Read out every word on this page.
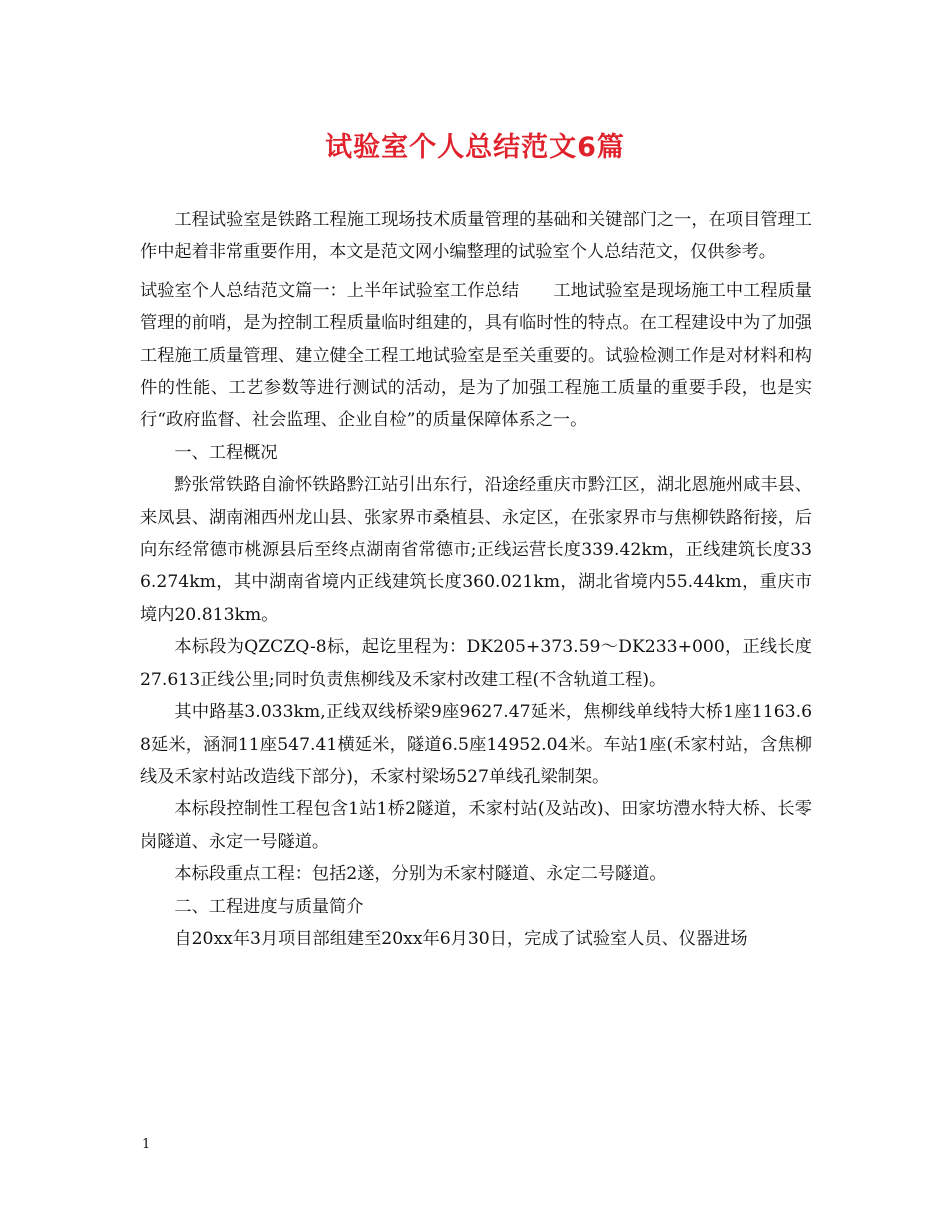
试验室个人总结范文6篇

工程试验室是铁路工程施工现场技术质量管理的基础和关键部门之一，在项目管理工作中起着非常重要作用，本文是范文网小编整理的试验室个人总结范文，仅供参考。

试验室个人总结范文篇一：上半年试验室工作总结　　工地试验室是现场施工中工程质量管理的前哨，是为控制工程质量临时组建的，具有临时性的特点。在工程建设中为了加强工程施工质量管理、建立健全工程工地试验室是至关重要的。试验检测工作是对材料和构件的性能、工艺参数等进行测试的活动，是为了加强工程施工质量的重要手段，也是实行“政府监督、社会监理、企业自检”的质量保障体系之一。

一、工程概况

黔张常铁路自渝怀铁路黔江站引出东行，沿途经重庆市黔江区，湖北恩施州咸丰县、来凤县、湖南湘西州龙山县、张家界市桑植县、永定区，在张家界市与焦柳铁路衔接，后向东经常德市桃源县后至终点湖南省常德市;正线运营长度339.42km，正线建筑长度336.274km，其中湖南省境内正线建筑长度360.021km，湖北省境内55.44km，重庆市境内20.813km。

本标段为QZCZQ-8标，起讫里程为：DK205+373.59～DK233+000，正线长度27.613正线公里;同时负责焦柳线及禾家村改建工程(不含轨道工程)。

其中路基3.033km,正线双线桥梁9座9627.47延米，焦柳线单线特大桥1座1163.68延米，涵洞11座547.41横延米，隧道6.5座14952.04米。车站1座(禾家村站，含焦柳线及禾家村站改造线下部分)，禾家村梁场527单线孔梁制架。

本标段控制性工程包含1站1桥2隧道，禾家村站(及站改)、田家坊澧水特大桥、长零岗隧道、永定一号隧道。

本标段重点工程：包括2遂，分别为禾家村隧道、永定二号隧道。

二、工程进度与质量简介

自20xx年3月项目部组建至20xx年6月30日，完成了试验室人员、仪器进场

1
